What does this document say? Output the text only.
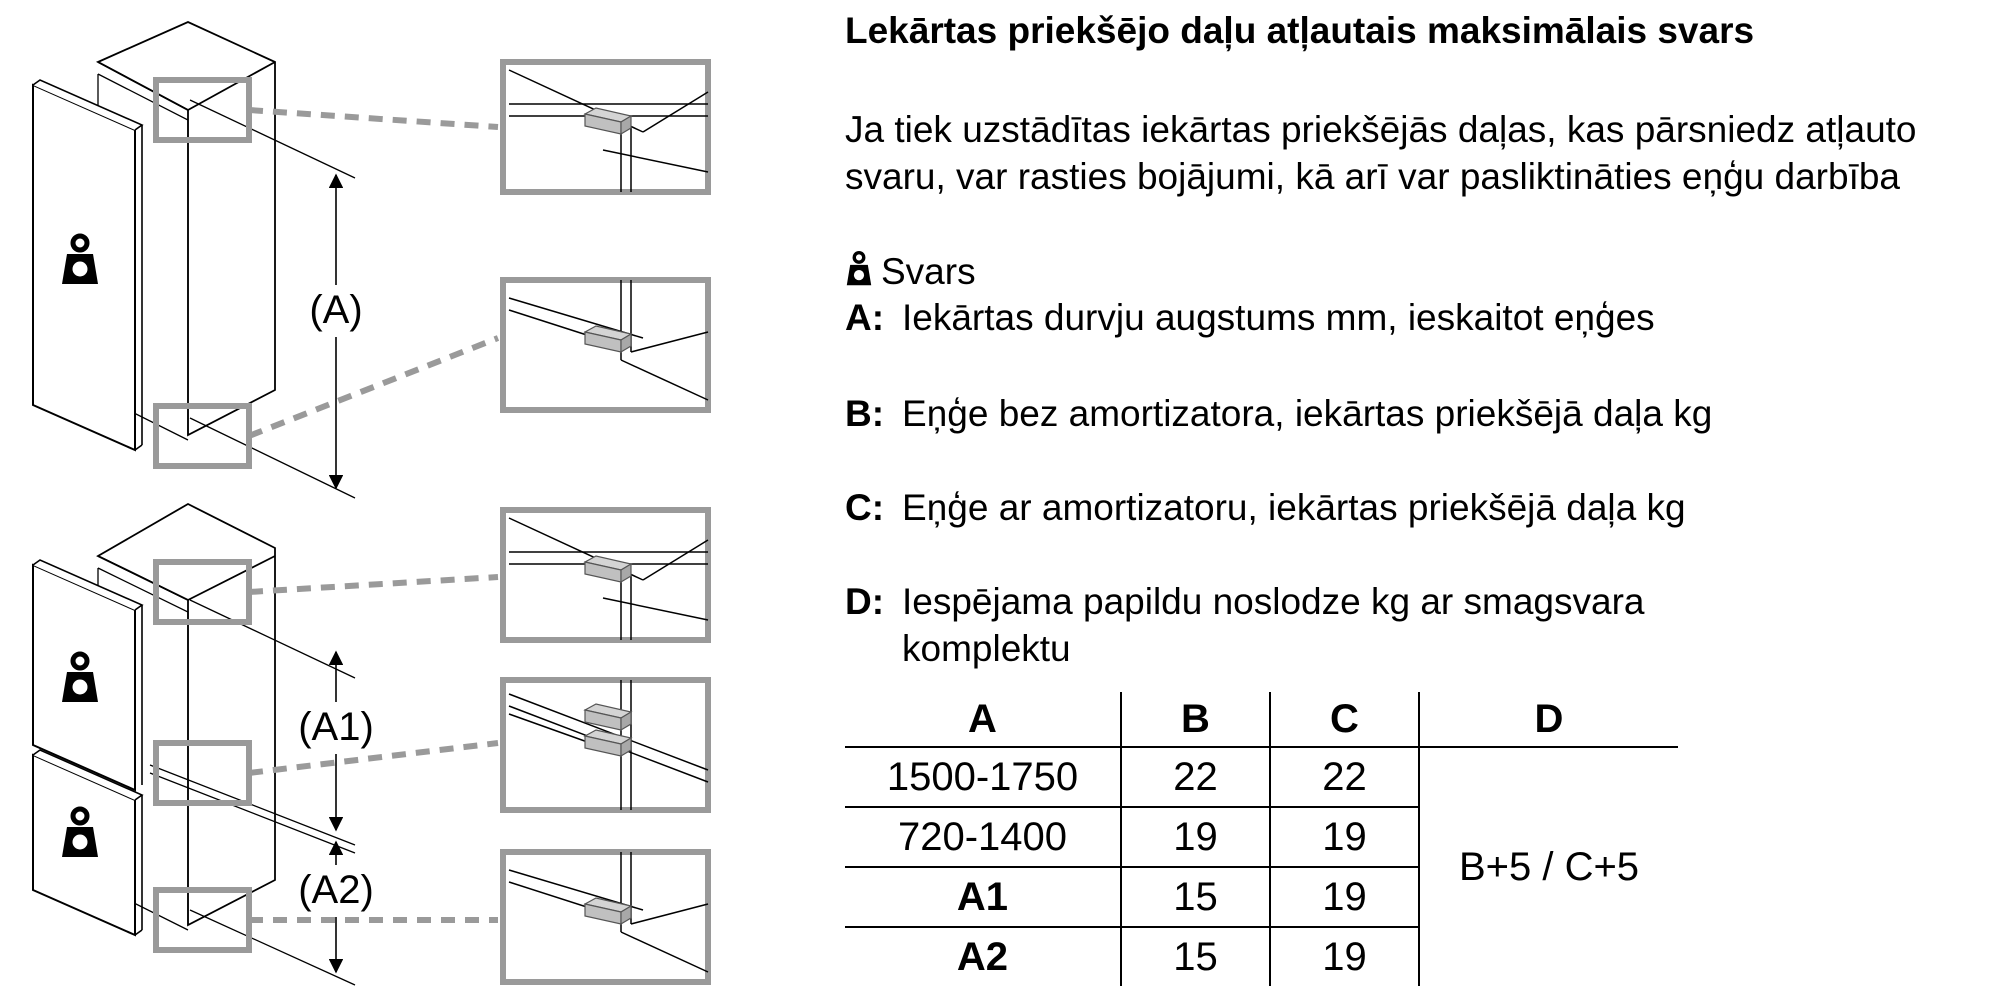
(A)
(A1)
(A2)
Lekārtas priekšējo daļu atļautais maksimālais svars
Ja tiek uzstādītas iekārtas priekšējās daļas, kas pārsniedz atļauto svaru, var rasties bojājumi, kā arī var pasliktināties eņģu darbība
Svars
A: Iekārtas durvju augstums mm, ieskaitot eņģes
B: Eņģe bez amortizatora, iekārtas priekšējā daļa kg
C: Eņģe ar amortizatoru, iekārtas priekšējā daļa kg
D: Iespējama papildu noslodze kg ar smagsvara
komplektu
A	B	C	D
1500-1750	22	22	B+5 / C+5
720-1400	19	19	
A1	15	19	
A2	15	19	
